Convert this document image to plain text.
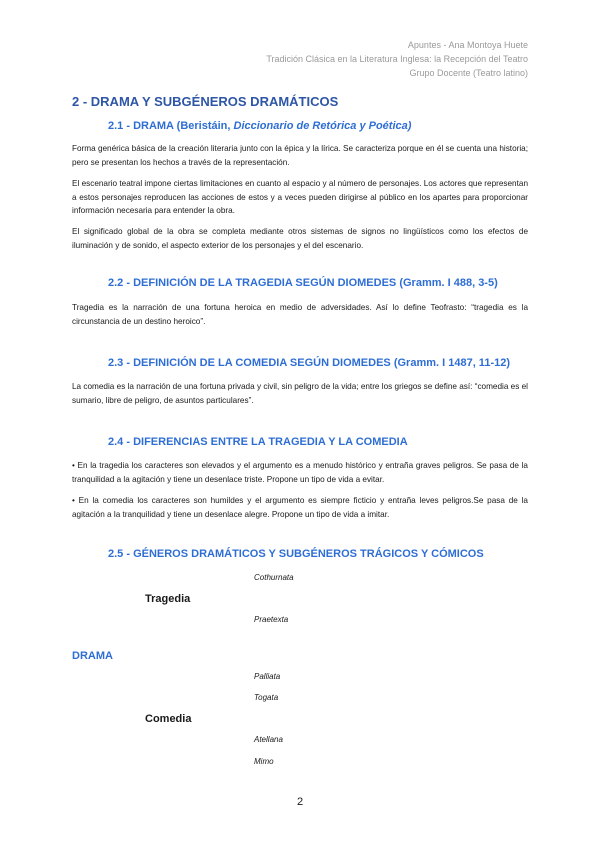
Apuntes - Ana Montoya Huete
Tradición Clásica en la Literatura Inglesa: la Recepción del Teatro
Grupo Docente (Teatro latino)
2 - DRAMA Y SUBGÉNEROS DRAMÁTICOS
2.1 - DRAMA (Beristáin, Diccionario de Retórica y Poética)
Forma genérica básica de la creación literaria junto con la épica y la lírica. Se caracteriza porque en él se cuenta una historia; pero se presentan los hechos a través de la representación.
El escenario teatral impone ciertas limitaciones en cuanto al espacio y al número de personajes. Los actores que representan a estos personajes reproducen las acciones de estos y a veces pueden dirigirse al público en los apartes para proporcionar información necesaria para entender la obra.
El significado global de la obra se completa mediante otros sistemas de signos no lingüísticos como los efectos de iluminación y de sonido, el aspecto exterior de los personajes y el del escenario.
2.2 - DEFINICIÓN DE LA TRAGEDIA SEGÚN DIOMEDES (Gramm. I 488, 3-5)
Tragedia es la narración de una fortuna heroica en medio de adversidades. Así lo define Teofrasto: “tragedia es la circunstancia de un destino heroico”.
2.3 - DEFINICIÓN DE LA COMEDIA SEGÚN DIOMEDES (Gramm. I 1487, 11-12)
La comedia es la narración de una fortuna privada y civil, sin peligro de la vida; entre los griegos se define así: “comedia es el sumario, libre de peligro, de asuntos particulares”.
2.4 - DIFERENCIAS ENTRE LA TRAGEDIA Y LA COMEDIA
• En la tragedia los caracteres son elevados y el argumento es a menudo histórico y entraña graves peligros. Se pasa de la tranquilidad a la agitación y tiene un desenlace triste. Propone un tipo de vida a evitar.
• En la comedia los caracteres son humildes y el argumento es siempre ficticio y entraña leves peligros.Se pasa de la agitación a la tranquilidad y tiene un desenlace alegre. Propone un tipo de vida a imitar.
2.5 - GÉNEROS DRAMÁTICOS Y SUBGÉNEROS TRÁGICOS Y CÓMICOS
Cothurnata
Tragedia
Praetexta
DRAMA
Palliata
Togata
Comedia
Atellana
Mimo
2
